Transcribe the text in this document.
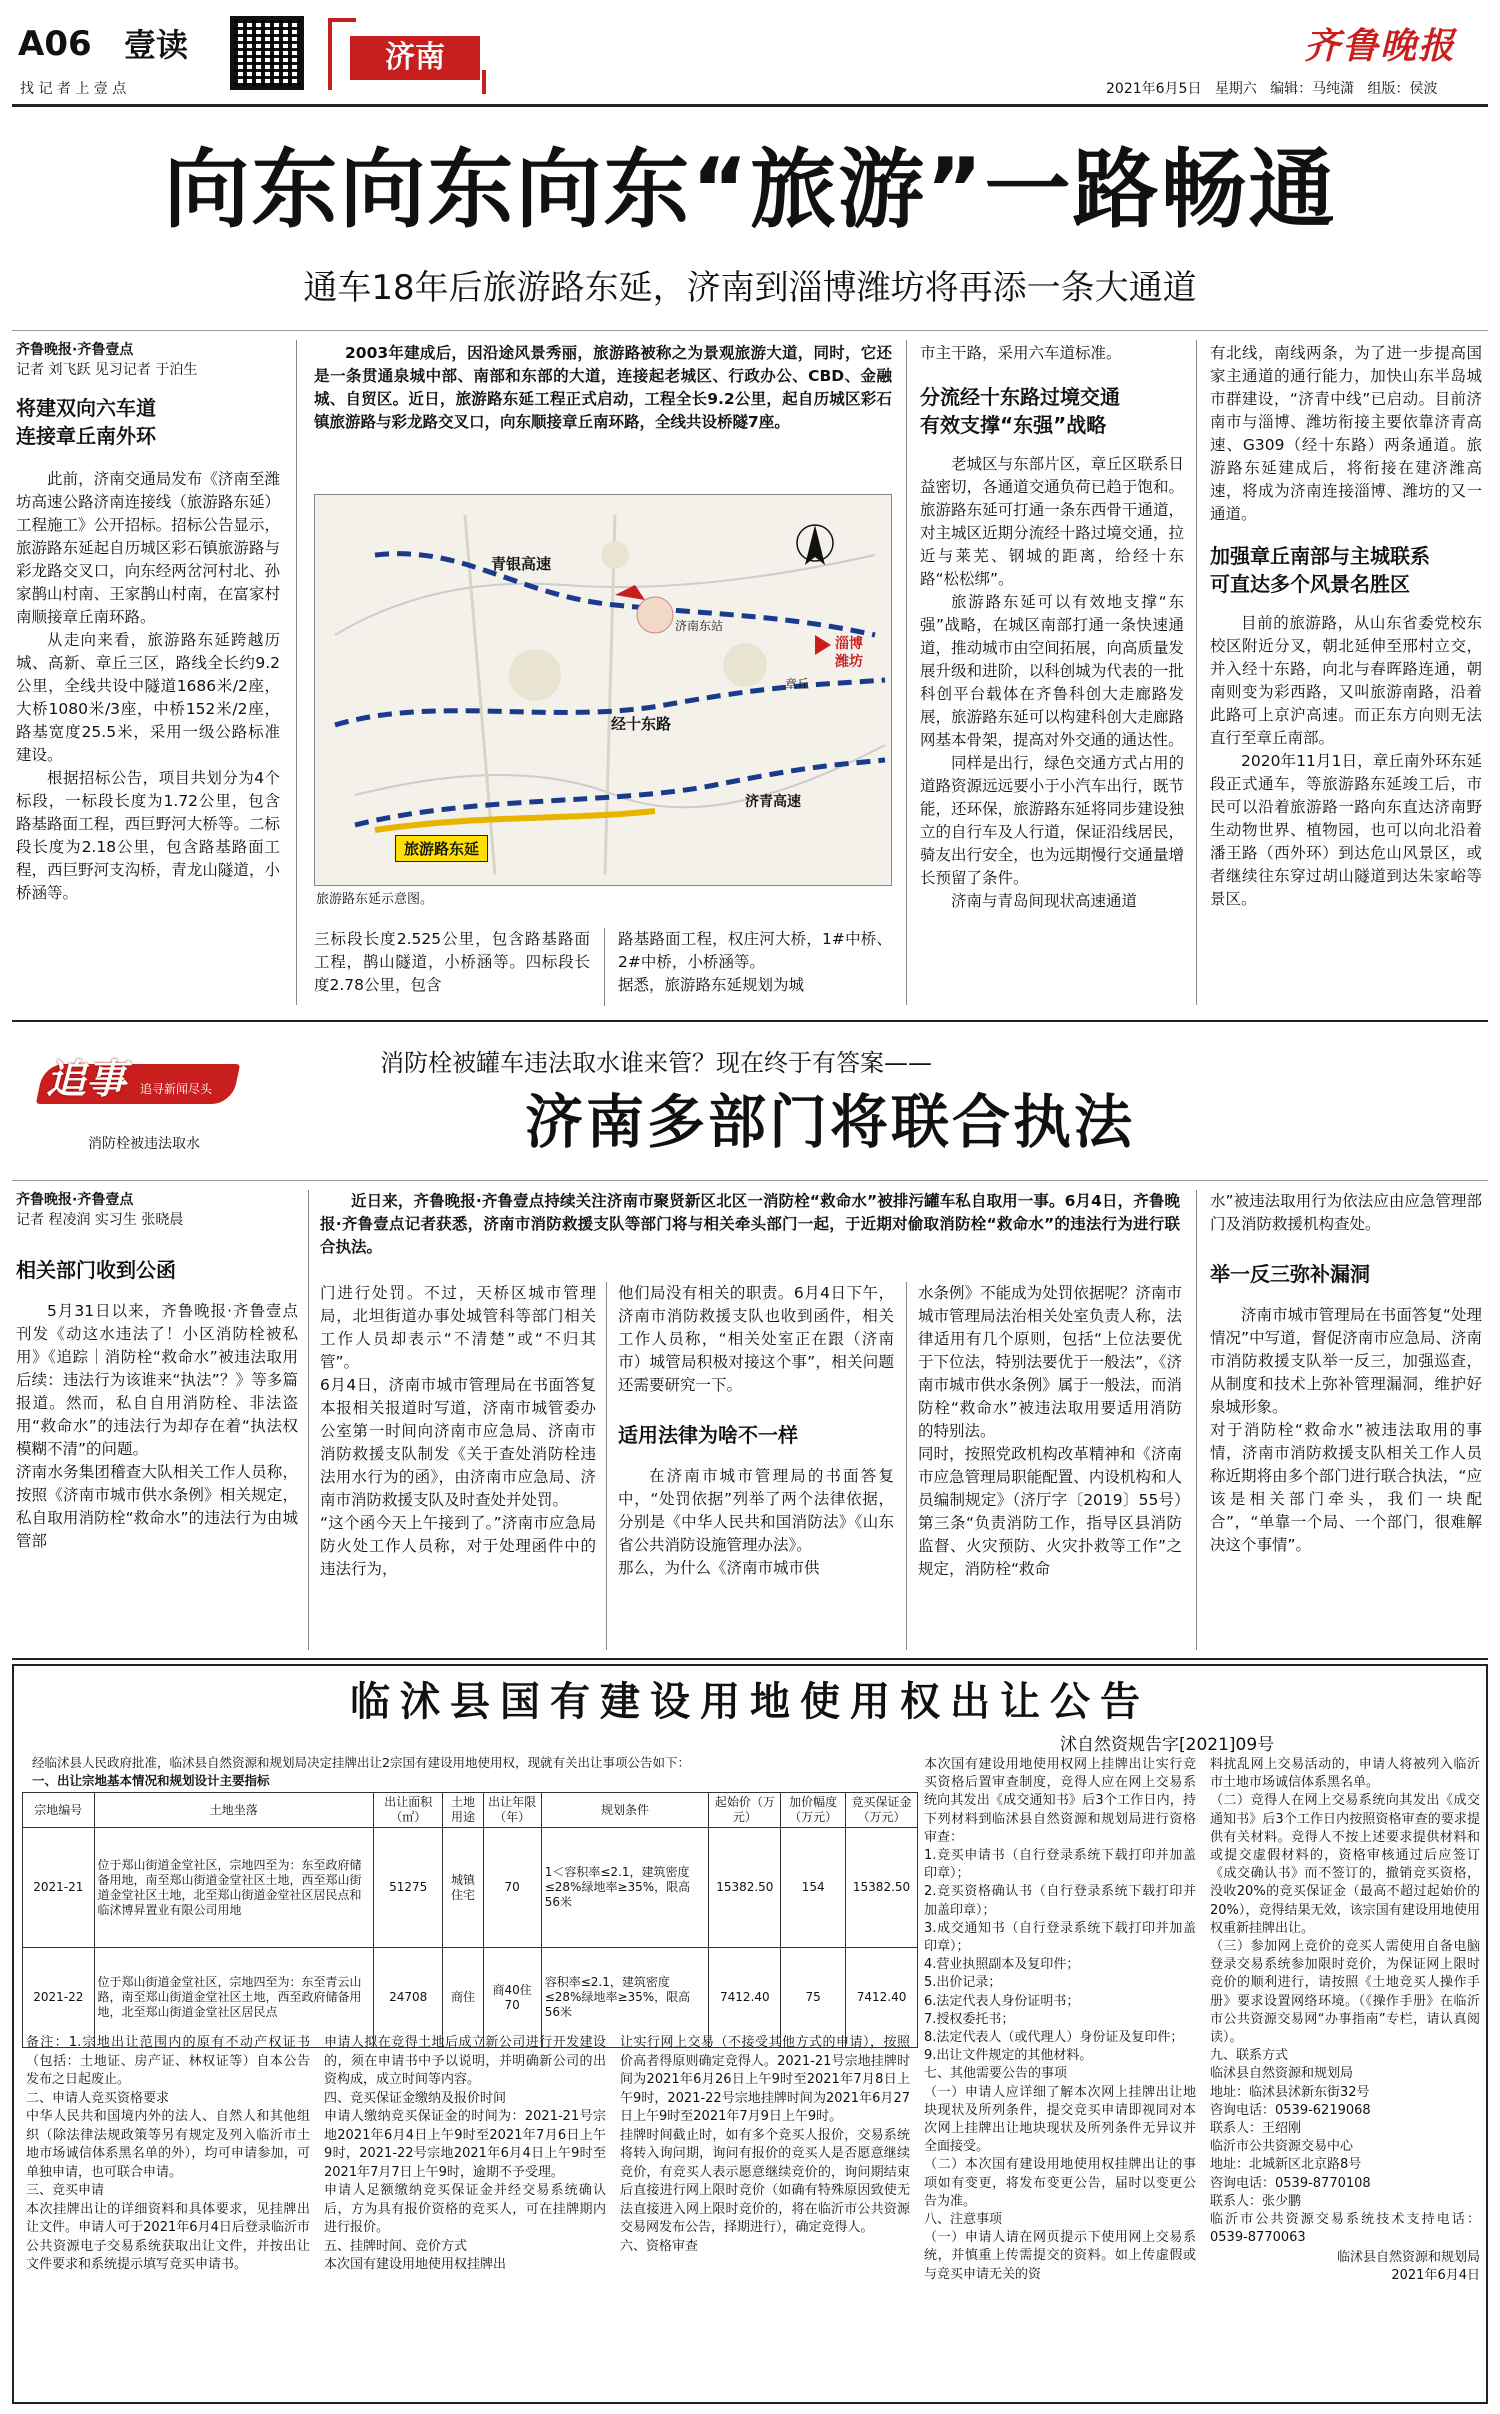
A06 壹读
找 记 者 上 壹 点
济南	齐鲁晚报
2021年6月5日 星期六 编辑：马纯潇 组版：侯波
向东向东向东“旅游”一路畅通
通车18年后旅游路东延，济南到淄博潍坊将再添一条大通道
齐鲁晚报·齐鲁壹点
记者 刘飞跃 见习记者 于泊生
将建双向六车道
连接章丘南外环

此前，济南交通局发布《济南至潍坊高速公路济南连接线（旅游路东延）工程施工》公开招标。招标公告显示，旅游路东延起自历城区彩石镇旅游路与彩龙路交叉口，向东经两岔河村北、孙家鹊山村南、王家鹊山村南，在富家村南顺接章丘南环路。

从走向来看，旅游路东延跨越历城、高新、章丘三区，路线全长约9.2公里，全线共设中隧道1686米/2座，大桥1080米/3座，中桥152米/2座，路基宽度25.5米，采用一级公路标准建设。

根据招标公告，项目共划分为4个标段，一标段长度为1.72公里，包含路基路面工程，西巨野河大桥等。二标段长度为2.18公里，包含路基路面工程，西巨野河支沟桥，青龙山隧道，小桥涵等。

2003年建成后，因沿途风景秀丽，旅游路被称之为景观旅游大道，同时，它还是一条贯通泉城中部、南部和东部的大道，连接起老城区、行政办公、CBD、金融城、自贸区。近日，旅游路东延工程正式启动，工程全长9.2公里，起自历城区彩石镇旅游路与彩龙路交叉口，向东顺接章丘南环路，全线共设桥隧7座。
青银高速
经十东路
济青高速
旅游路东延
淄博
潍坊
济南东站
章丘
旅游路东延示意图。
三标段长度2.525公里，包含路基路面工程，鹊山隧道，小桥涵等。四标段长度2.78公里，包含
路基路面工程，权庄河大桥，1#中桥、2#中桥，小桥涵等。
据悉，旅游路东延规划为城

市主干路，采用六车道标准。

分流经十东路过境交通
有效支撑“东强”战略

老城区与东部片区，章丘区联系日益密切，各通道交通负荷已趋于饱和。旅游路东延可打通一条东西骨干通道，对主城区近期分流经十路过境交通，拉近与莱芜、钢城的距离，给经十东路“松松绑”。

旅游路东延可以有效地支撑“东强”战略，在城区南部打通一条快速通道，推动城市由空间拓展，向高质量发展升级和进阶，以科创城为代表的一批科创平台载体在齐鲁科创大走廊路发展，旅游路东延可以构建科创大走廊路网基本骨架，提高对外交通的通达性。

同样是出行，绿色交通方式占用的道路资源远远要小于小汽车出行，既节能，还环保，旅游路东延将同步建设独立的自行车及人行道，保证沿线居民，骑友出行安全，也为远期慢行交通量增长预留了条件。

济南与青岛间现状高速通道

有北线，南线两条，为了进一步提高国家主通道的通行能力，加快山东半岛城市群建设，“济青中线”已启动。目前济南市与淄博、潍坊衔接主要依靠济青高速、G309（经十东路）两条通道。旅游路东延建成后，将衔接在建济潍高速，将成为济南连接淄博、潍坊的又一通道。

加强章丘南部与主城联系
可直达多个风景名胜区

目前的旅游路，从山东省委党校东校区附近分叉，朝北延伸至邢村立交，并入经十东路，向北与春晖路连通，朝南则变为彩西路，又叫旅游南路，沿着此路可上京沪高速。而正东方向则无法直行至章丘南部。

2020年11月1日，章丘南外环东延段正式通车，等旅游路东延竣工后，市民可以沿着旅游路一路向东直达济南野生动物世界、植物园，也可以向北沿着潘王路（西外环）到达危山风景区，或者继续往东穿过胡山隧道到达朱家峪等景区。

追事 追寻新闻尽头
消防栓被违法取水
消防栓被罐车违法取水谁来管？现在终于有答案——
济南多部门将联合执法
齐鲁晚报·齐鲁壹点
记者 程凌润 实习生 张晓晨
相关部门收到公函

5月31日以来，齐鲁晚报·齐鲁壹点刊发《动这水违法了！小区消防栓被私用》《追踪｜消防栓“救命水”被违法取用后续：违法行为该谁来“执法”？》等多篇报道。然而，私自自用消防栓、非法盗用“救命水”的违法行为却存在着“执法权模糊不清”的问题。
济南水务集团稽查大队相关工作人员称，按照《济南市城市供水条例》相关规定，私自取用消防栓“救命水”的违法行为由城管部

近日来，齐鲁晚报·齐鲁壹点持续关注济南市聚贤新区北区一消防栓“救命水”被排污罐车私自取用一事。6月4日，齐鲁晚报·齐鲁壹点记者获悉，济南市消防救援支队等部门将与相关牵头部门一起，于近期对偷取消防栓“救命水”的违法行为进行联合执法。
门进行处罚。不过，天桥区城市管理局，北坦街道办事处城管科等部门相关工作人员却表示“不清楚”或“不归其管”。
6月4日，济南市城市管理局在书面答复本报相关报道时写道，济南市城管委办公室第一时间向济南市应急局、济南市消防救援支队制发《关于查处消防栓违法用水行为的函》，由济南市应急局、济南市消防救援支队及时查处并处罚。
“这个函今天上午接到了。”济南市应急局防火处工作人员称，对于处理函件中的违法行为，

他们局没有相关的职责。6月4日下午，济南市消防救援支队也收到函件，相关工作人员称，“相关处室正在跟（济南市）城管局积极对接这个事”，相关问题还需要研究一下。

适用法律为啥不一样

在济南市城市管理局的书面答复中，“处罚依据”列举了两个法律依据，分别是《中华人民共和国消防法》《山东省公共消防设施管理办法》。
那么，为什么《济南市城市供

水条例》不能成为处罚依据呢？济南市城市管理局法治相关处室负责人称，法律适用有几个原则，包括“上位法要优于下位法，特别法要优于一般法”，《济南市城市供水条例》属于一般法，而消防栓“救命水”被违法取用要适用消防的特别法。
同时，按照党政机构改革精神和《济南市应急管理局职能配置、内设机构和人员编制规定》（济厅字〔2019〕55号）第三条“负责消防工作，指导区县消防监督、火灾预防、火灾扑救等工作”之规定，消防栓“救命

水”被违法取用行为依法应由应急管理部门及消防救援机构查处。

举一反三弥补漏洞

济南市城市管理局在书面答复“处理情况”中写道，督促济南市应急局、济南市消防救援支队举一反三，加强巡查，从制度和技术上弥补管理漏洞，维护好泉城形象。
对于消防栓“救命水”被违法取用的事情，济南市消防救援支队相关工作人员称近期将由多个部门进行联合执法，“应该是相关部门牵头，我们一块配合”，“单靠一个局、一个部门，很难解决这个事情”。

临沭县国有建设用地使用权出让公告
沭自然资规告字[2021]09号
经临沭县人民政府批准，临沭县自然资源和规划局决定挂牌出让2宗国有建设用地使用权，现就有关出让事项公告如下：
一、出让宗地基本情况和规划设计主要指标
宗地编号	土地坐落	出让面积（㎡）	土地用途	出让年限（年）	规划条件	起始价（万元）	加价幅度（万元）	竞买保证金（万元）
2021-21	位于郑山街道金堂社区，宗地四至为：东至政府储备用地，南至郑山街道金堂社区土地，西至郑山街道金堂社区土地，北至郑山街道金堂社区居民点和临沭博昇置业有限公司用地	51275	城镇住宅	70	1＜容积率≤2.1，建筑密度≤28%绿地率≥35%，限高56米	15382.50	154	15382.50
2021-22	位于郑山街道金堂社区，宗地四至为：东至青云山路，南至郑山街道金堂社区土地，西至政府储备用地，北至郑山街道金堂社区居民点	24708	商住	商40住70	容积率≤2.1，建筑密度≤28%绿地率≥35%，限高56米	7412.40	75	7412.40
备注：1.宗地出让范围内的原有不动产权证书（包括：土地证、房产证、林权证等）自本公告发布之日起废止。
二、申请人竞买资格要求
中华人民共和国境内外的法人、自然人和其他组织（除法律法规政策等另有规定及列入临沂市土地市场诚信体系黑名单的外），均可申请参加，可单独申请，也可联合申请。
三、竞买申请
本次挂牌出让的详细资料和具体要求，见挂牌出让文件。申请人可于2021年6月4日后登录临沂市公共资源电子交易系统获取出让文件，并按出让文件要求和系统提示填写竞买申请书。
申请人拟在竞得土地后成立新公司进行开发建设的，须在申请书中予以说明，并明确新公司的出资构成，成立时间等内容。
四、竞买保证金缴纳及报价时间
申请人缴纳竞买保证金的时间为：2021-21号宗地2021年6月4日上午9时至2021年7月6日上午9时，2021-22号宗地2021年6月4日上午9时至2021年7月7日上午9时，逾期不予受理。
申请人足额缴纳竞买保证金并经交易系统确认后，方为具有报价资格的竞买人，可在挂牌期内进行报价。
五、挂牌时间、竞价方式
本次国有建设用地使用权挂牌出
让实行网上交易（不接受其他方式的申请），按照价高者得原则确定竞得人。2021-21号宗地挂牌时间为2021年6月26日上午9时至2021年7月8日上午9时，2021-22号宗地挂牌时间为2021年6月27日上午9时至2021年7月9日上午9时。
挂牌时间截止时，如有多个竞买人报价，交易系统将转入询问期，询问有报价的竞买人是否愿意继续竞价，有竞买人表示愿意继续竞价的，询问期结束后直接进行网上限时竞价（如确有特殊原因致使无法直接进入网上限时竞价的，将在临沂市公共资源交易网发布公告，择期进行），确定竞得人。
六、资格审查
本次国有建设用地使用权网上挂牌出让实行竞买资格后置审查制度，竞得人应在网上交易系统向其发出《成交通知书》后3个工作日内，持下列材料到临沭县自然资源和规划局进行资格审查：
1.竞买申请书（自行登录系统下载打印并加盖印章）；
2.竞买资格确认书（自行登录系统下载打印并加盖印章）；
3.成交通知书（自行登录系统下载打印并加盖印章）；
4.营业执照副本及复印件；
5.出价记录；
6.法定代表人身份证明书；
7.授权委托书；
8.法定代表人（或代理人）身份证及复印件；
9.出让文件规定的其他材料。
七、其他需要公告的事项
（一）申请人应详细了解本次网上挂牌出让地块现状及所列条件，提交竞买申请即视同对本次网上挂牌出让地块现状及所列条件无异议并全面接受。
（二）本次国有建设用地使用权挂牌出让的事项如有变更，将发布变更公告，届时以变更公告为准。
八、注意事项
（一）申请人请在网页提示下使用网上交易系统，并慎重上传需提交的资料。如上传虚假或与竞买申请无关的资
料扰乱网上交易活动的，申请人将被列入临沂市土地市场诚信体系黑名单。
（二）竞得人在网上交易系统向其发出《成交通知书》后3个工作日内按照资格审查的要求提供有关材料。竞得人不按上述要求提供材料和或提交虚假材料的，资格审核通过后应签订《成交确认书》而不签订的，撤销竞买资格，没收20%的竞买保证金（最高不超过起始价的20%），竞得结果无效，该宗国有建设用地使用权重新挂牌出让。
（三）参加网上竞价的竞买人需使用自备电脑登录交易系统参加限时竞价，为保证网上限时竞价的顺利进行，请按照《土地竞买人操作手册》要求设置网络环境。（《操作手册》在临沂市公共资源交易网“办事指南”专栏，请认真阅读）。
九、联系方式
临沭县自然资源和规划局
地址：临沭县沭新东街32号
咨询电话：0539-6219068
联系人：王绍刚
临沂市公共资源交易中心
地址：北城新区北京路8号
咨询电话：0539-8770108
联系人：张少鹏
临沂市公共资源交易系统技术支持电话：0539-8770063
临沭县自然资源和规划局
2021年6月4日
